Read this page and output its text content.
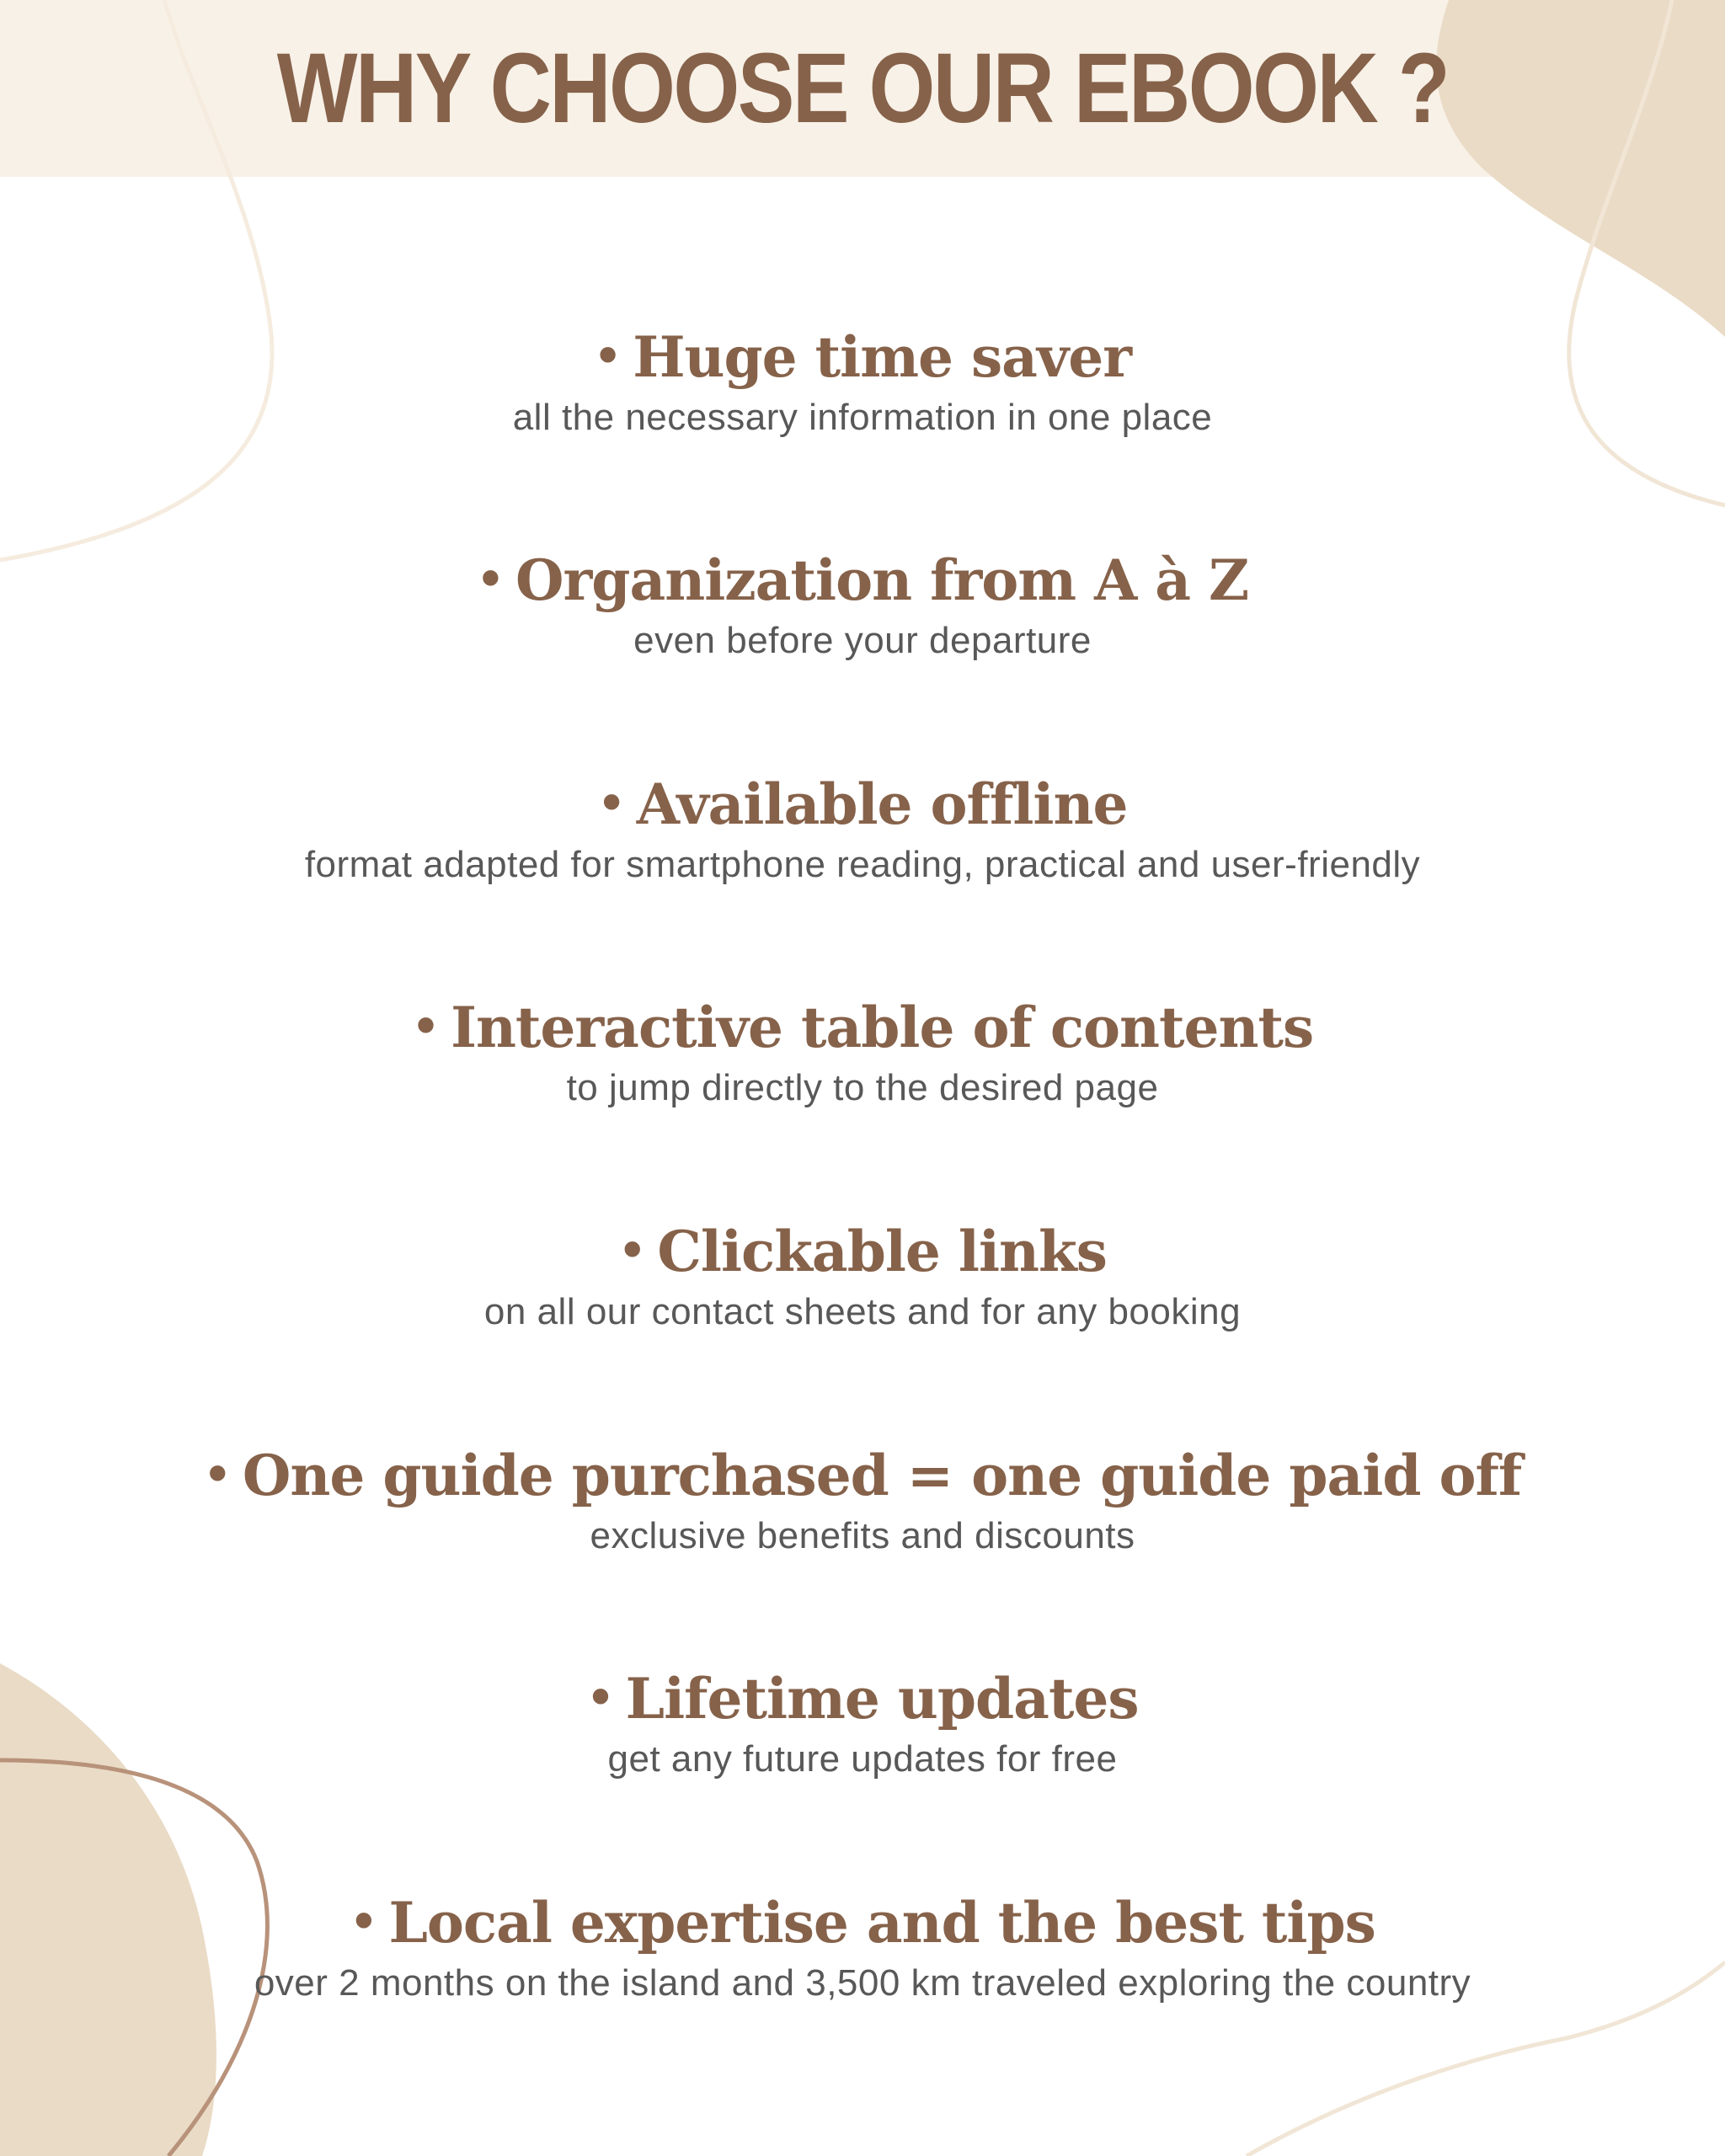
WHY CHOOSE OUR EBOOK ?
• Huge time saver
all the necessary information in one place
• Organization from A à Z
even before your departure
• Available offline
format adapted for smartphone reading, practical and user-friendly
• Interactive table of contents
to jump directly to the desired page
• Clickable links
on all our contact sheets and for any booking
• One guide purchased = one guide paid off
exclusive benefits and discounts
• Lifetime updates
get any future updates for free
• Local expertise and the best tips
over 2 months on the island and 3,500 km traveled exploring the country
